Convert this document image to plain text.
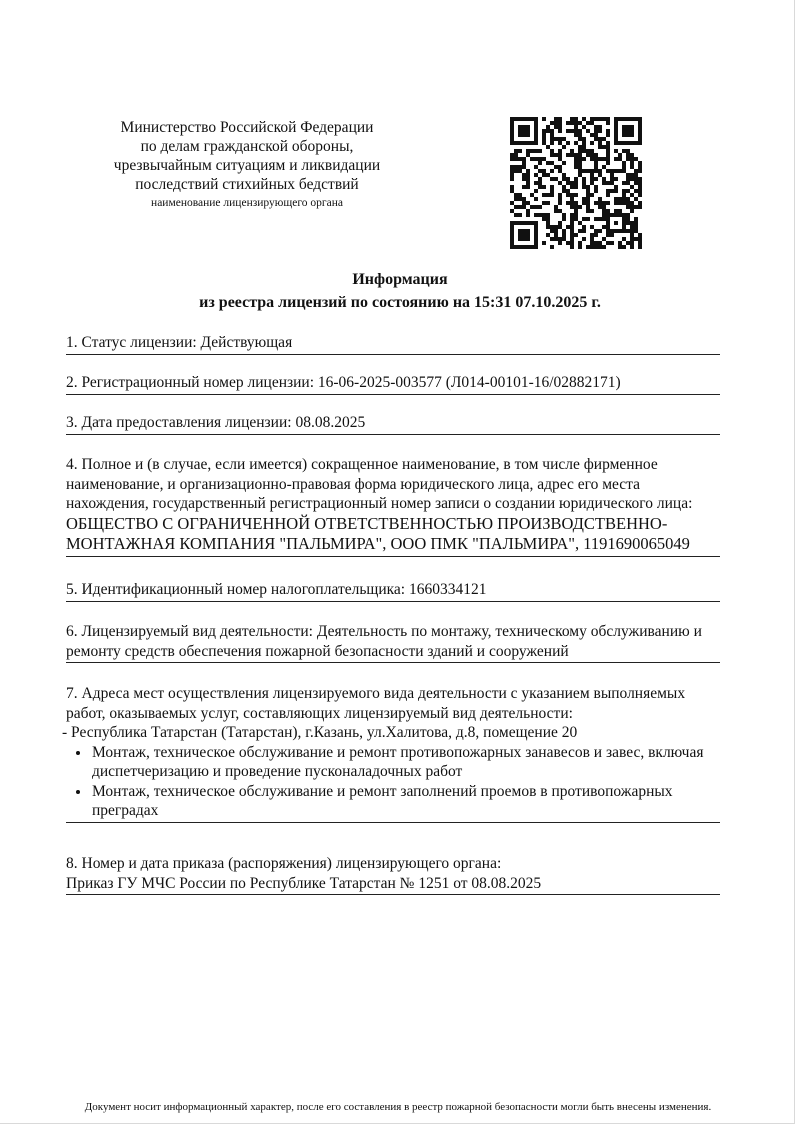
Министерство Российской Федерации
по делам гражданской обороны,
чрезвычайным ситуациям и ликвидации
последствий стихийных бедствий
наименование лицензирующего органа
Информация
из реестра лицензий по состоянию на 15:31 07.10.2025 г.
1. Статус лицензии: Действующая
2. Регистрационный номер лицензии: 16-06-2025-003577 (Л014-00101-16/02882171)
3. Дата предоставления лицензии: 08.08.2025
4. Полное и (в случае, если имеется) сокращенное наименование, в том числе фирменное наименование, и организационно-правовая форма юридического лица, адрес его места нахождения, государственный регистрационный номер записи о создании юридического лица: ОБЩЕСТВО С ОГРАНИЧЕННОЙ ОТВЕТСТВЕННОСТЬЮ ПРОИЗВОДСТВЕННО-МОНТАЖНАЯ КОМПАНИЯ "ПАЛЬМИРА", ООО ПМК "ПАЛЬМИРА", 1191690065049
5. Идентификационный номер налогоплательщика: 1660334121
6. Лицензируемый вид деятельности: Деятельность по монтажу, техническому обслуживанию и ремонту средств обеспечения пожарной безопасности зданий и сооружений
7. Адреса мест осуществления лицензируемого вида деятельности с указанием выполняемых работ, оказываемых услуг, составляющих лицензируемый вид деятельности:
- Республика Татарстан (Татарстан), г.Казань, ул.Халитова, д.8, помещение 20
• Монтаж, техническое обслуживание и ремонт противопожарных занавесов и завес, включая диспетчеризацию и проведение пусконаладочных работ
• Монтаж, техническое обслуживание и ремонт заполнений проемов в противопожарных преградах
8. Номер и дата приказа (распоряжения) лицензирующего органа:
Приказ ГУ МЧС России по Республике Татарстан № 1251 от 08.08.2025
Документ носит информационный характер, после его составления в реестр пожарной безопасности могли быть внесены изменения.
